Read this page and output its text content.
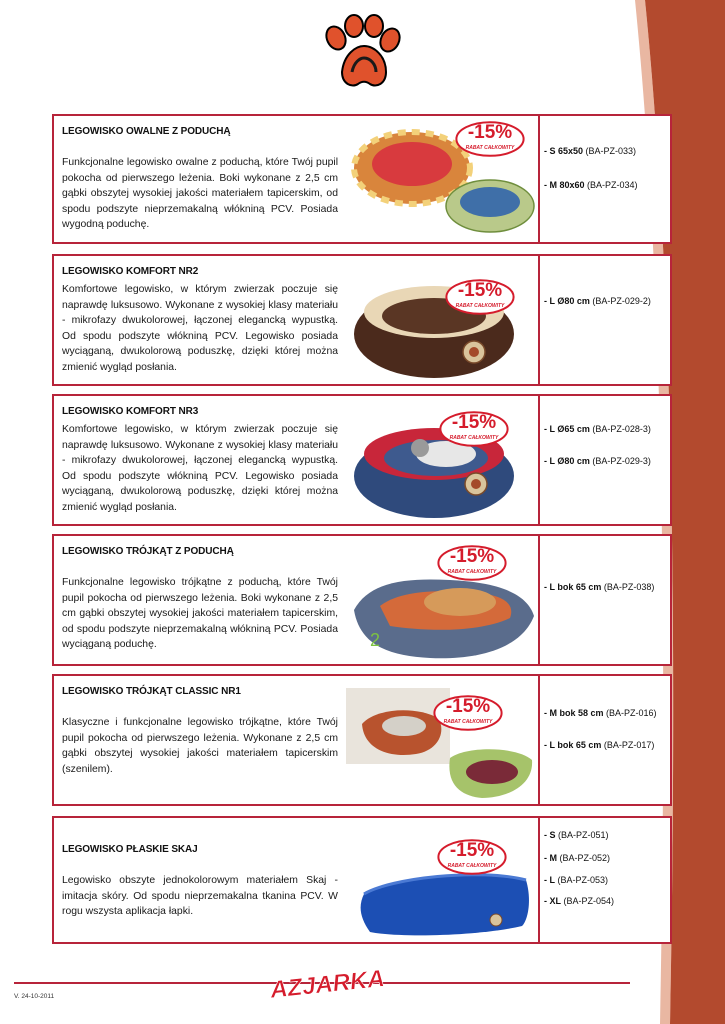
LEGOWISKO OWALNE Z PODUCHĄ
Funkcjonalne legowisko owalne z poduchą, które Twój pupil pokocha od pierwszego leżenia. Boki wykonane z 2,5 cm gąbki obszytej wysokiej jakości materiałem tapicerskim, od spodu podszyte nieprzemakalną włókniną PCV. Posiada wygodną poduchę.
-15%
RABAT CAŁKOWITY	- S 65x50 (BA-PZ-033)
- M 80x60 (BA-PZ-034)
LEGOWISKO KOMFORT NR2
Komfortowe legowisko, w którym zwierzak poczuje się naprawdę luksusowo. Wykonane z wysokiej klasy materiału - mikrofazy dwukolorowej, łączonej elegancką wypustką. Od spodu podszyte włókniną PCV. Legowisko posiada wyciąganą, dwukolorową poduszkę, dzięki której można zmienić wygląd posłania.
-15%
RABAT CAŁKOWITY	- L Ø80 cm (BA-PZ-029-2)
LEGOWISKO KOMFORT NR3
Komfortowe legowisko, w którym zwierzak poczuje się naprawdę luksusowo. Wykonane z wysokiej klasy materiału - mikrofazy dwukolorowej, łączonej elegancką wypustką. Od spodu podszyte włókniną PCV. Legowisko posiada wyciąganą, dwukolorową poduszkę, dzięki której można zmienić wygląd posłania.
-15%
RABAT CAŁKOWITY
- L Ø65 cm (BA-PZ-028-3)
- L Ø80 cm (BA-PZ-029-3)
LEGOWISKO TRÓJKĄT Z PODUCHĄ
Funkcjonalne legowisko trójkątne z poduchą, które Twój pupil pokocha od pierwszego leżenia. Boki wykonane z 2,5 cm gąbki obszytej wysokiej jakości materiałem tapicerskim, od spodu podszyte nieprzemakalną włókniną PCV. Posiada wyciąganą poduchę.	2
-15%
RABAT CAŁKOWITY
- L bok 65 cm (BA-PZ-038)
LEGOWISKO TRÓJKĄT CLASSIC NR1
Klasyczne i funkcjonalne legowisko trójkątne, które Twój pupil pokocha od pierwszego leżenia. Wykonane z 2,5 cm gąbki obszytej wysokiej jakości materiałem tapicerskim (szenilem).
-15%
RABAT CAŁKOWITY
- M bok 58 cm (BA-PZ-016)
- L bok 65 cm (BA-PZ-017)
LEGOWISKO PŁASKIE SKAJ
Legowisko obszyte jednokolorowym materiałem Skaj - imitacja skóry. Od spodu nieprzemakalna tkanina PCV. W rogu wszysta aplikacja łapki.
-15%
RABAT CAŁKOWITY
- S (BA-PZ-051)
- M (BA-PZ-052)
- L (BA-PZ-053)
- XL (BA-PZ-054)
AZJARKA
V. 24-10-2011
